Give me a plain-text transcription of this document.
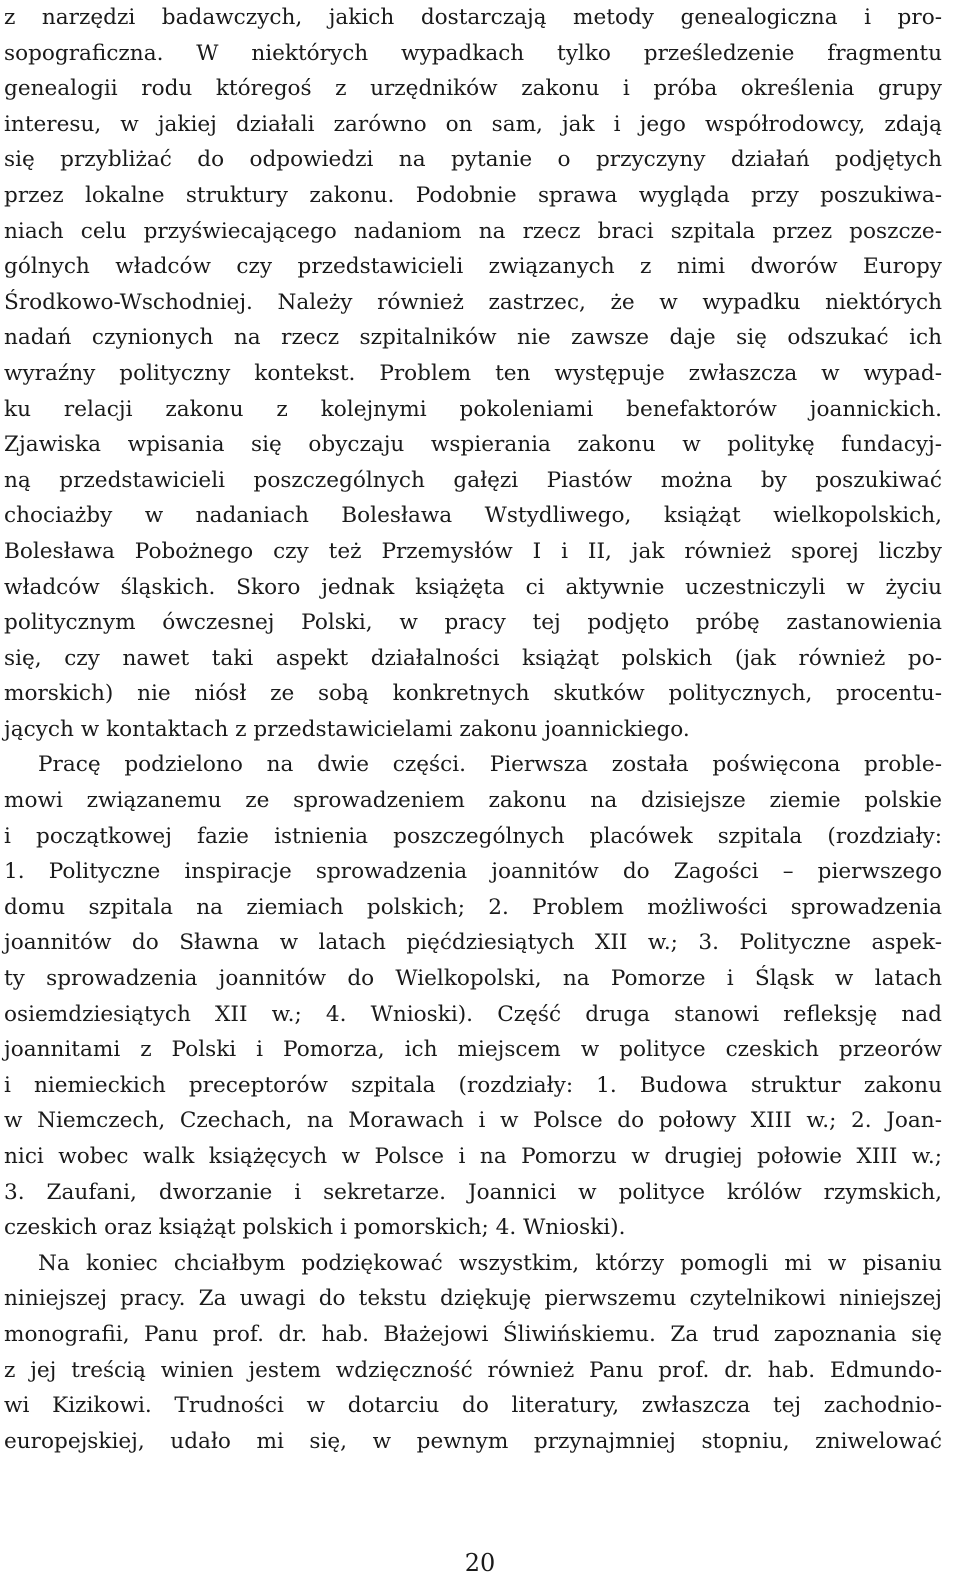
z narzędzi badawczych, jakich dostarczają metody genealogiczna i pro-
sopograficzna. W niektórych wypadkach tylko prześledzenie fragmentu
genealogii rodu któregoś z urzędników zakonu i próba określenia grupy
interesu, w jakiej działali zarówno on sam, jak i jego współrodowcy, zdają
się przybliżać do odpowiedzi na pytanie o przyczyny działań podjętych
przez lokalne struktury zakonu. Podobnie sprawa wygląda przy poszukiwa-
niach celu przyświecającego nadaniom na rzecz braci szpitala przez poszcze-
gólnych władców czy przedstawicieli związanych z nimi dworów Europy
Środkowo-Wschodniej. Należy również zastrzec, że w wypadku niektórych
nadań czynionych na rzecz szpitalników nie zawsze daje się odszukać ich
wyraźny polityczny kontekst. Problem ten występuje zwłaszcza w wypad-
ku relacji zakonu z kolejnymi pokoleniami benefaktorów joannickich.
Zjawiska wpisania się obyczaju wspierania zakonu w politykę fundacyj-
ną przedstawicieli poszczególnych gałęzi Piastów można by poszukiwać
chociażby w nadaniach Bolesława Wstydliwego, książąt wielkopolskich,
Bolesława Pobożnego czy też Przemysłów I i II, jak również sporej liczby
władców śląskich. Skoro jednak książęta ci aktywnie uczestniczyli w życiu
politycznym ówczesnej Polski, w pracy tej podjęto próbę zastanowienia
się, czy nawet taki aspekt działalności książąt polskich (jak również po-
morskich) nie niósł ze sobą konkretnych skutków politycznych, procentu-
jących w kontaktach z przedstawicielami zakonu joannickiego.
Pracę podzielono na dwie części. Pierwsza została poświęcona proble-
mowi związanemu ze sprowadzeniem zakonu na dzisiejsze ziemie polskie
i początkowej fazie istnienia poszczególnych placówek szpitala (rozdziały:
1. Polityczne inspiracje sprowadzenia joannitów do Zagości – pierwszego
domu szpitala na ziemiach polskich; 2. Problem możliwości sprowadzenia
joannitów do Sławna w latach pięćdziesiątych XII w.; 3. Polityczne aspek-
ty sprowadzenia joannitów do Wielkopolski, na Pomorze i Śląsk w latach
osiemdziesiątych XII w.; 4. Wnioski). Część druga stanowi refleksję nad
joannitami z Polski i Pomorza, ich miejscem w polityce czeskich przeorów
i niemieckich preceptorów szpitala (rozdziały: 1. Budowa struktur zakonu
w Niemczech, Czechach, na Morawach i w Polsce do połowy XIII w.; 2. Joan-
nici wobec walk książęcych w Polsce i na Pomorzu w drugiej połowie XIII w.;
3. Zaufani, dworzanie i sekretarze. Joannici w polityce królów rzymskich,
czeskich oraz książąt polskich i pomorskich; 4. Wnioski).
Na koniec chciałbym podziękować wszystkim, którzy pomogli mi w pisaniu
niniejszej pracy. Za uwagi do tekstu dziękuję pierwszemu czytelnikowi niniejszej
monografii, Panu prof. dr. hab. Błażejowi Śliwińskiemu. Za trud zapoznania się
z jej treścią winien jestem wdzięczność również Panu prof. dr. hab. Edmundo-
wi Kizikowi. Trudności w dotarciu do literatury, zwłaszcza tej zachodnio-
europejskiej, udało mi się, w pewnym przynajmniej stopniu, zniwelować
20
